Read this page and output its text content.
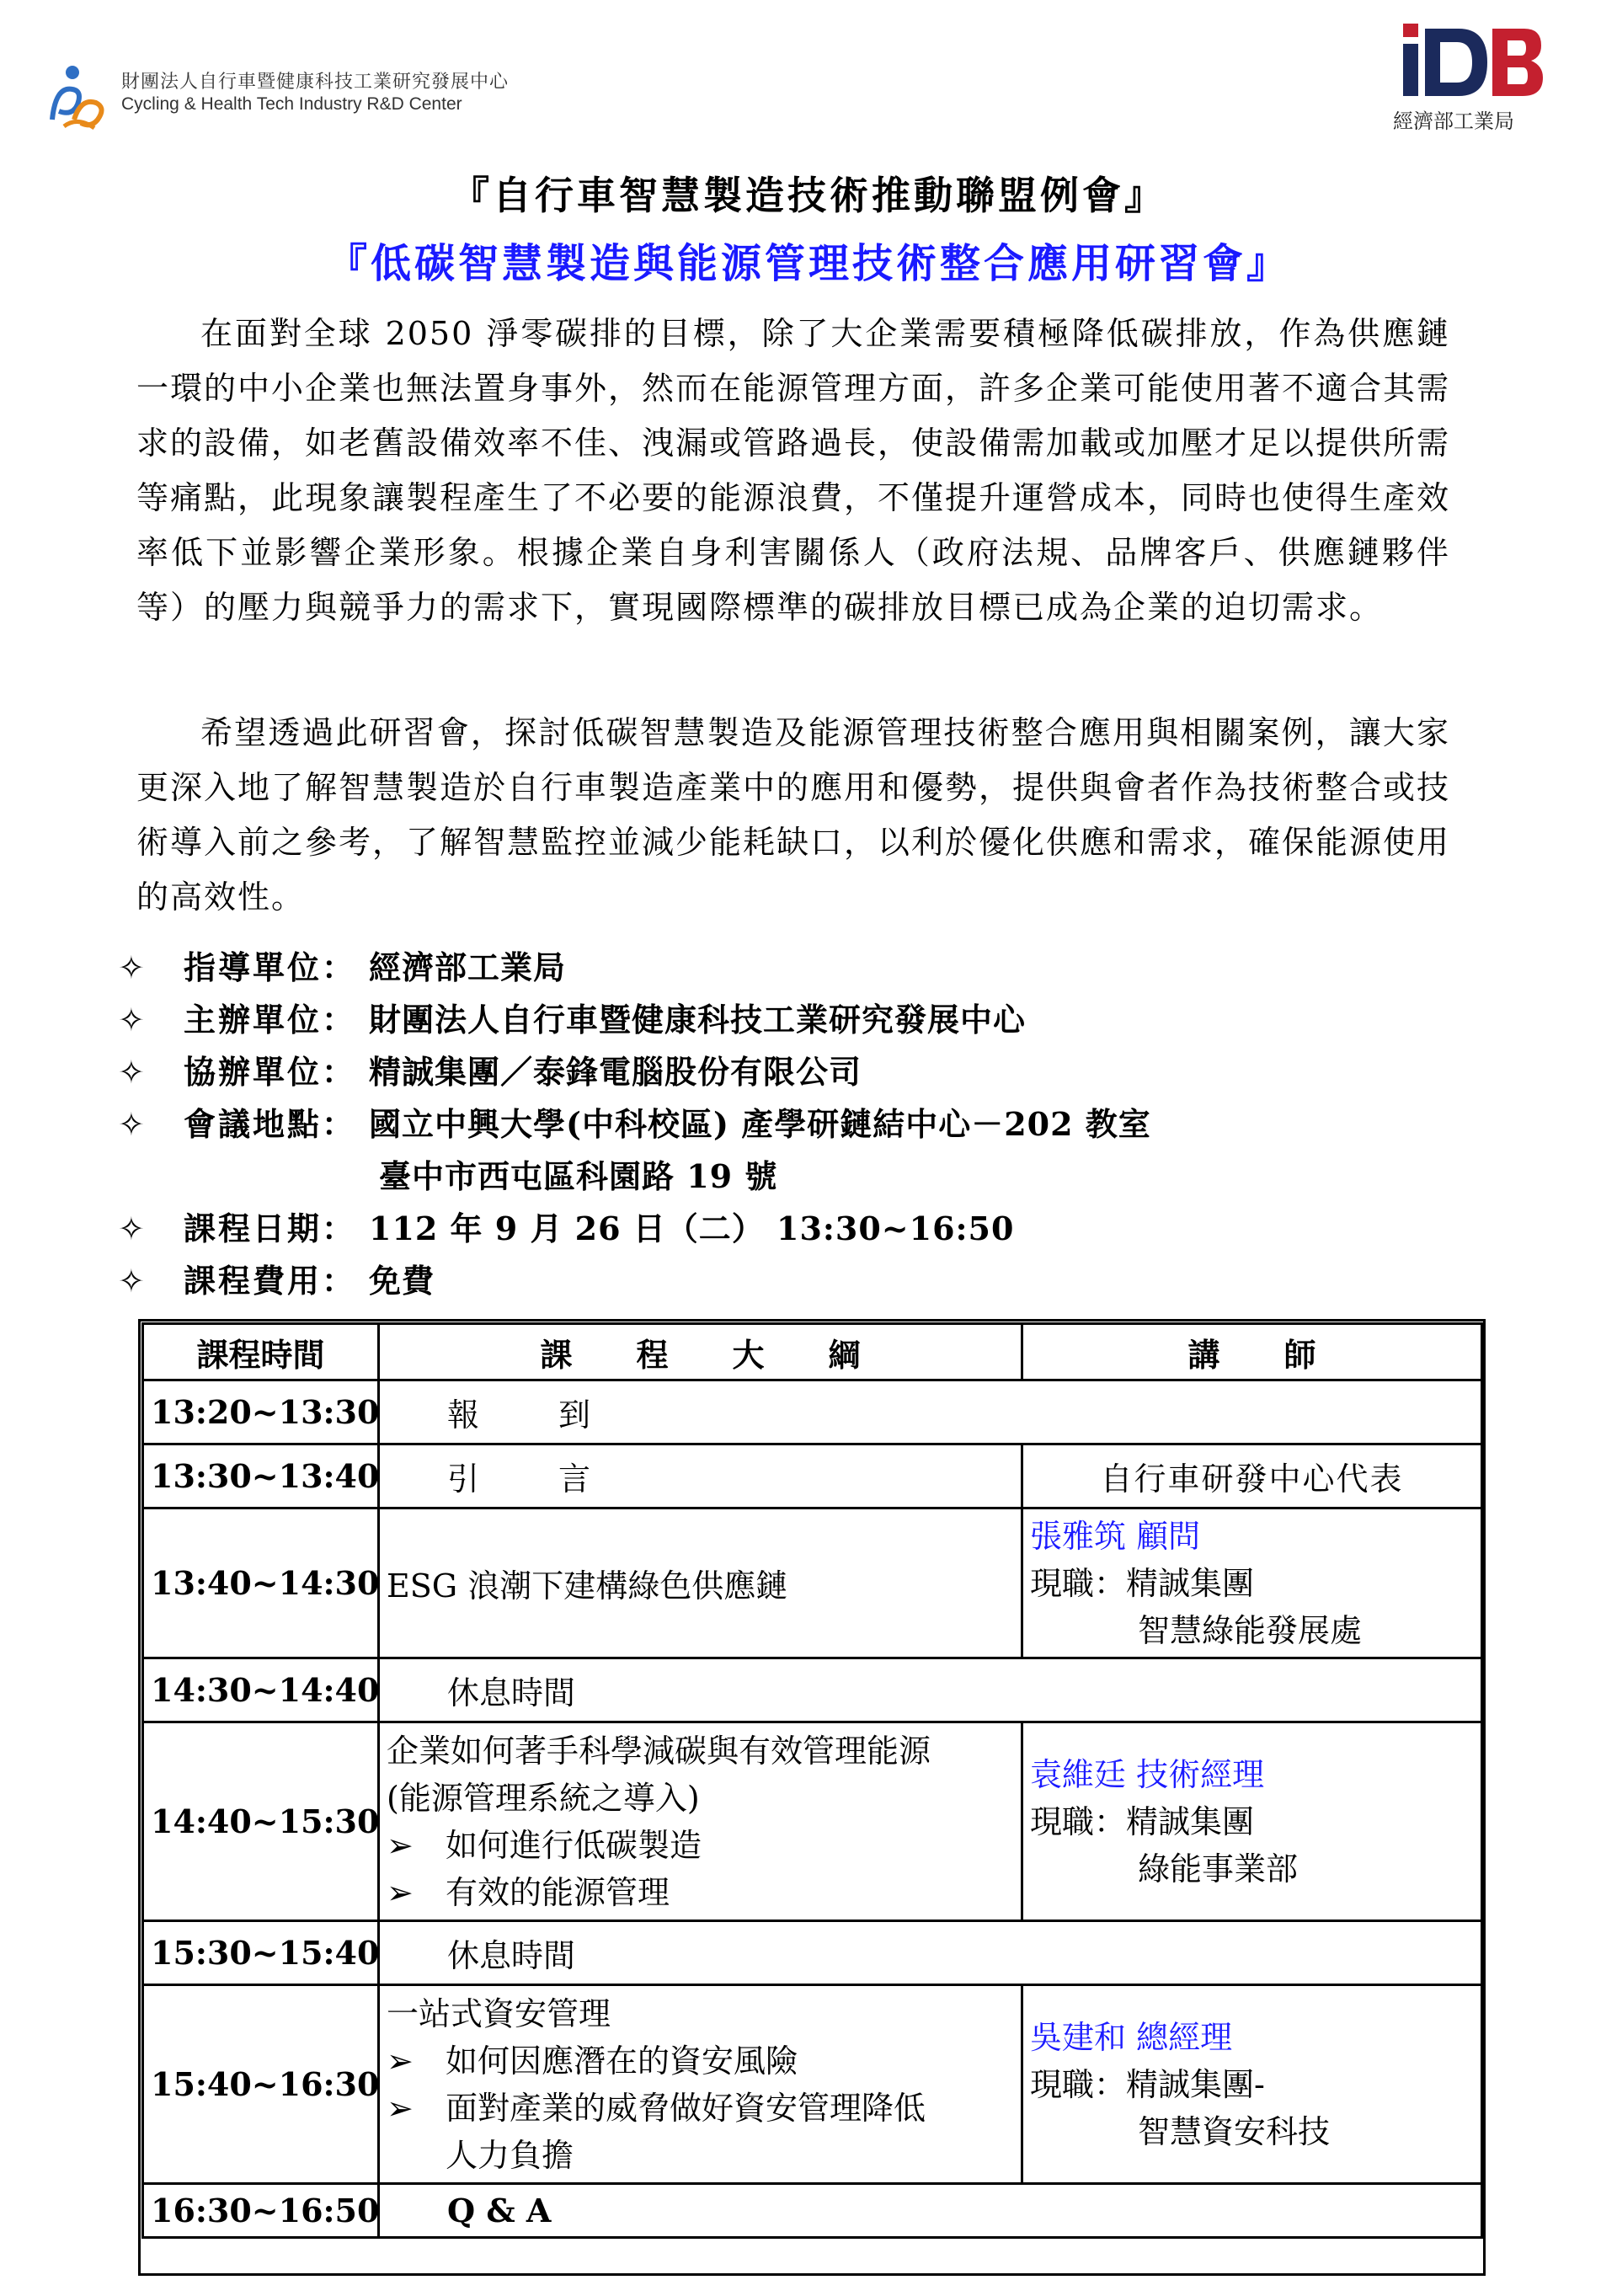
財團法人自行車暨健康科技工業研究發展中心
Cycling & Health Tech Industry R&D Center
經濟部工業局
『自行車智慧製造技術推動聯盟例會』
『低碳智慧製造與能源管理技術整合應用研習會』

在面對全球 2050 淨零碳排的目標，除了大企業需要積極降低碳排放，作為供應鏈一環的中小企業也無法置身事外，然而在能源管理方面，許多企業可能使用著不適合其需求的設備，如老舊設備效率不佳、洩漏或管路過長，使設備需加載或加壓才足以提供所需等痛點，此現象讓製程產生了不必要的能源浪費，不僅提升運營成本，同時也使得生產效率低下並影響企業形象。根據企業自身利害關係人（政府法規、品牌客戶、供應鏈夥伴等）的壓力與競爭力的需求下，實現國際標準的碳排放目標已成為企業的迫切需求。

希望透過此研習會，探討低碳智慧製造及能源管理技術整合應用與相關案例，讓大家更深入地了解智慧製造於自行車製造產業中的應用和優勢，提供與會者作為技術整合或技術導入前之參考，了解智慧監控並減少能耗缺口，以利於優化供應和需求，確保能源使用的高效性。

✧ 指導單位： 經濟部工業局
✧ 主辦單位： 財團法人自行車暨健康科技工業研究發展中心
✧ 協辦單位： 精誠集團／泰鋒電腦股份有限公司
✧ 會議地點： 國立中興大學(中科校區) 產學研鏈結中心－202 教室
臺中市西屯區科園路 19 號
✧ 課程日期： 112 年 9 月 26 日（二） 13:30~16:50
✧ 課程費用： 免費
課程時間	課　　程　　大　　綱	講　　師
13:20~13:30	報　　到	
13:30~13:40	引　　言	自行車研發中心代表
13:40~14:30	ESG 浪潮下建構綠色供應鏈	張雅筑 顧問
現職：精誠集團
智慧綠能發展處

14:30~14:40	休息時間	
14:40~15:30	企業如何著手科學減碳與有效管理能源
(能源管理系統之導入)
➢ 如何進行低碳製造
➢ 有效的能源管理	袁維廷 技術經理
現職：精誠集團
綠能事業部

15:30~15:40	休息時間	
15:40~16:30	一站式資安管理
➢ 如何因應潛在的資安風險
➢ 面對產業的威脅做好資安管理降低
人力負擔	吳建和 總經理
現職：精誠集團-
智慧資安科技

16:30~16:50	Q & A	
